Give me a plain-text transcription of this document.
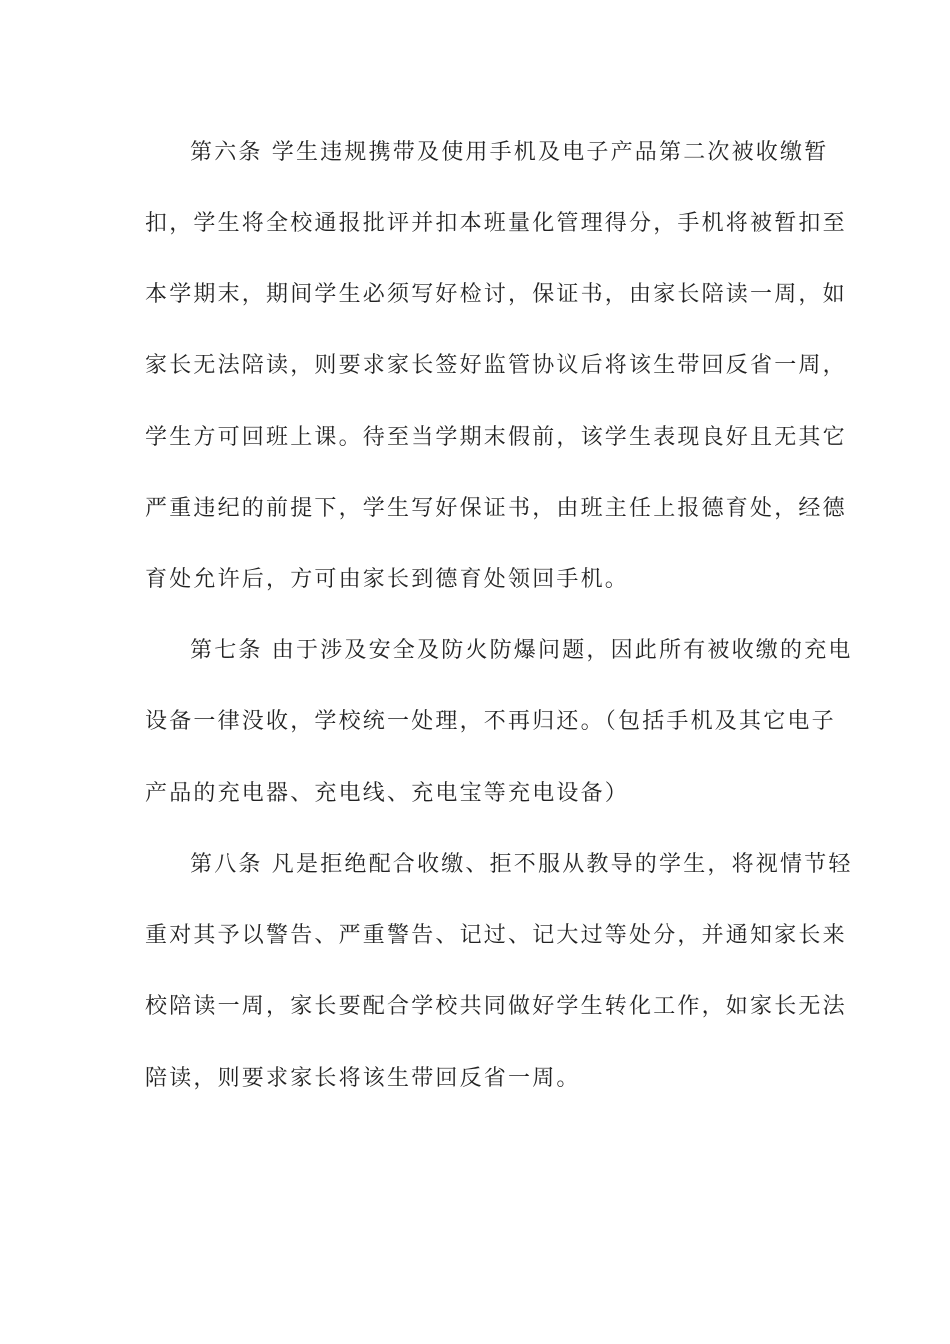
第六条 学生违规携带及使用手机及电子产品第二次被收缴暂
扣，学生将全校通报批评并扣本班量化管理得分，手机将被暂扣至
本学期末，期间学生必须写好检讨，保证书，由家长陪读一周，如
家长无法陪读，则要求家长签好监管协议后将该生带回反省一周，
学生方可回班上课。待至当学期末假前，该学生表现良好且无其它
严重违纪的前提下，学生写好保证书，由班主任上报德育处，经德
育处允许后，方可由家长到德育处领回手机。
第七条 由于涉及安全及防火防爆问题，因此所有被收缴的充电
设备一律没收，学校统一处理，不再归还。（包括手机及其它电子
产品的充电器、充电线、充电宝等充电设备）
第八条 凡是拒绝配合收缴、拒不服从教导的学生，将视情节轻
重对其予以警告、严重警告、记过、记大过等处分，并通知家长来
校陪读一周，家长要配合学校共同做好学生转化工作，如家长无法
陪读，则要求家长将该生带回反省一周。
